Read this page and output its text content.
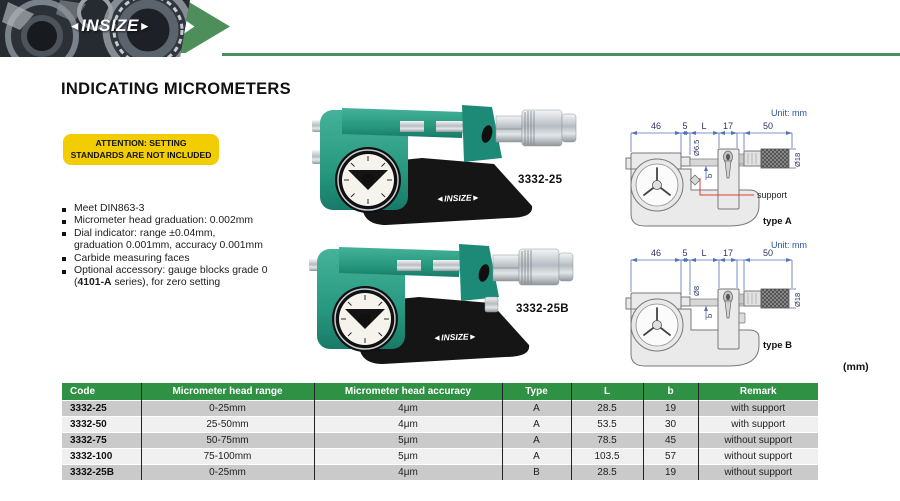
◄INSIZE►
INDICATING MICROMETERS
ATTENTION: SETTING
STANDARDS ARE NOT INCLUDED
Meet DIN863-3
Micrometer head graduation: 0.002mm
Dial indicator: range ±0.04mm,
graduation 0.001mm, accuracy 0.001mm
Carbide measuring faces
Optional accessory: gauge blocks grade 0
(4101-A series), for zero setting
◄INSIZE►
3332-25
◄INSIZE►
3332-25B
46 5 L 17	50
Unit: mm
Ø6.5
b
Ø18
support
type A
46 5 L 17	50
Unit: mm
Ø8
b
Ø18
type B
(mm)
Code	Micrometer head range	Micrometer head accuracy	Type	L	b	Remark
3332-25	0-25mm	4μm	A	28.5	19	with support
3332-50	25-50mm	4μm	A	53.5	30	with support
3332-75	50-75mm	5μm	A	78.5	45	without support
3332-100	75-100mm	5μm	A	103.5	57	without support
3332-25B	0-25mm	4μm	B	28.5	19	without support
